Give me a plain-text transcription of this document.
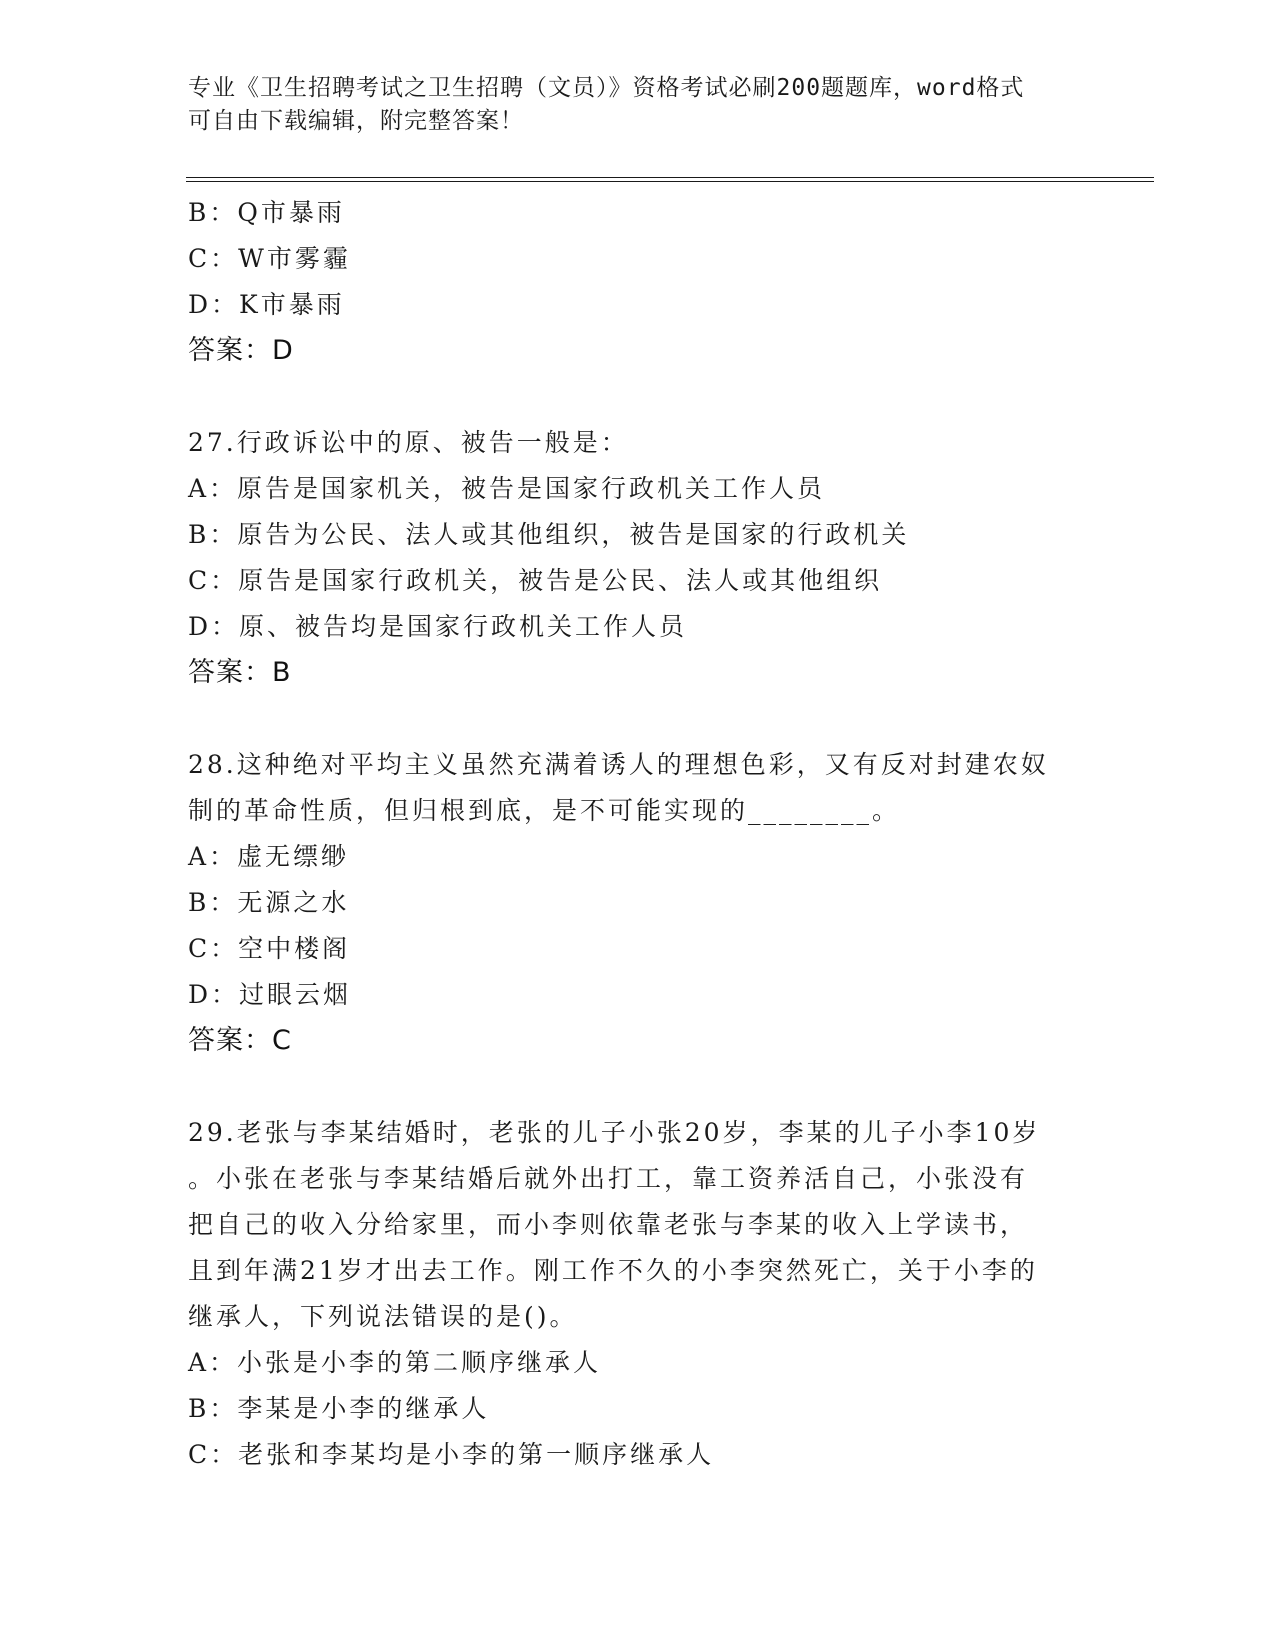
专业《卫生招聘考试之卫生招聘（文员）》资格考试必刷200题题库，word格式
可自由下载编辑，附完整答案！
B：Q市暴雨
C：W市雾霾
D：K市暴雨
答案：D
27.行政诉讼中的原、被告一般是：
A：原告是国家机关，被告是国家行政机关工作人员
B：原告为公民、法人或其他组织，被告是国家的行政机关
C：原告是国家行政机关，被告是公民、法人或其他组织
D：原、被告均是国家行政机关工作人员
答案：B
28.这种绝对平均主义虽然充满着诱人的理想色彩，又有反对封建农奴
制的革命性质，但归根到底，是不可能实现的________。
A：虚无缥缈
B：无源之水
C：空中楼阁
D：过眼云烟
答案：C
29.老张与李某结婚时，老张的儿子小张20岁，李某的儿子小李10岁
。小张在老张与李某结婚后就外出打工，靠工资养活自己，小张没有
把自己的收入分给家里，而小李则依靠老张与李某的收入上学读书，
且到年满21岁才出去工作。刚工作不久的小李突然死亡，关于小李的
继承人，下列说法错误的是()。
A：小张是小李的第二顺序继承人
B：李某是小李的继承人
C：老张和李某均是小李的第一顺序继承人
